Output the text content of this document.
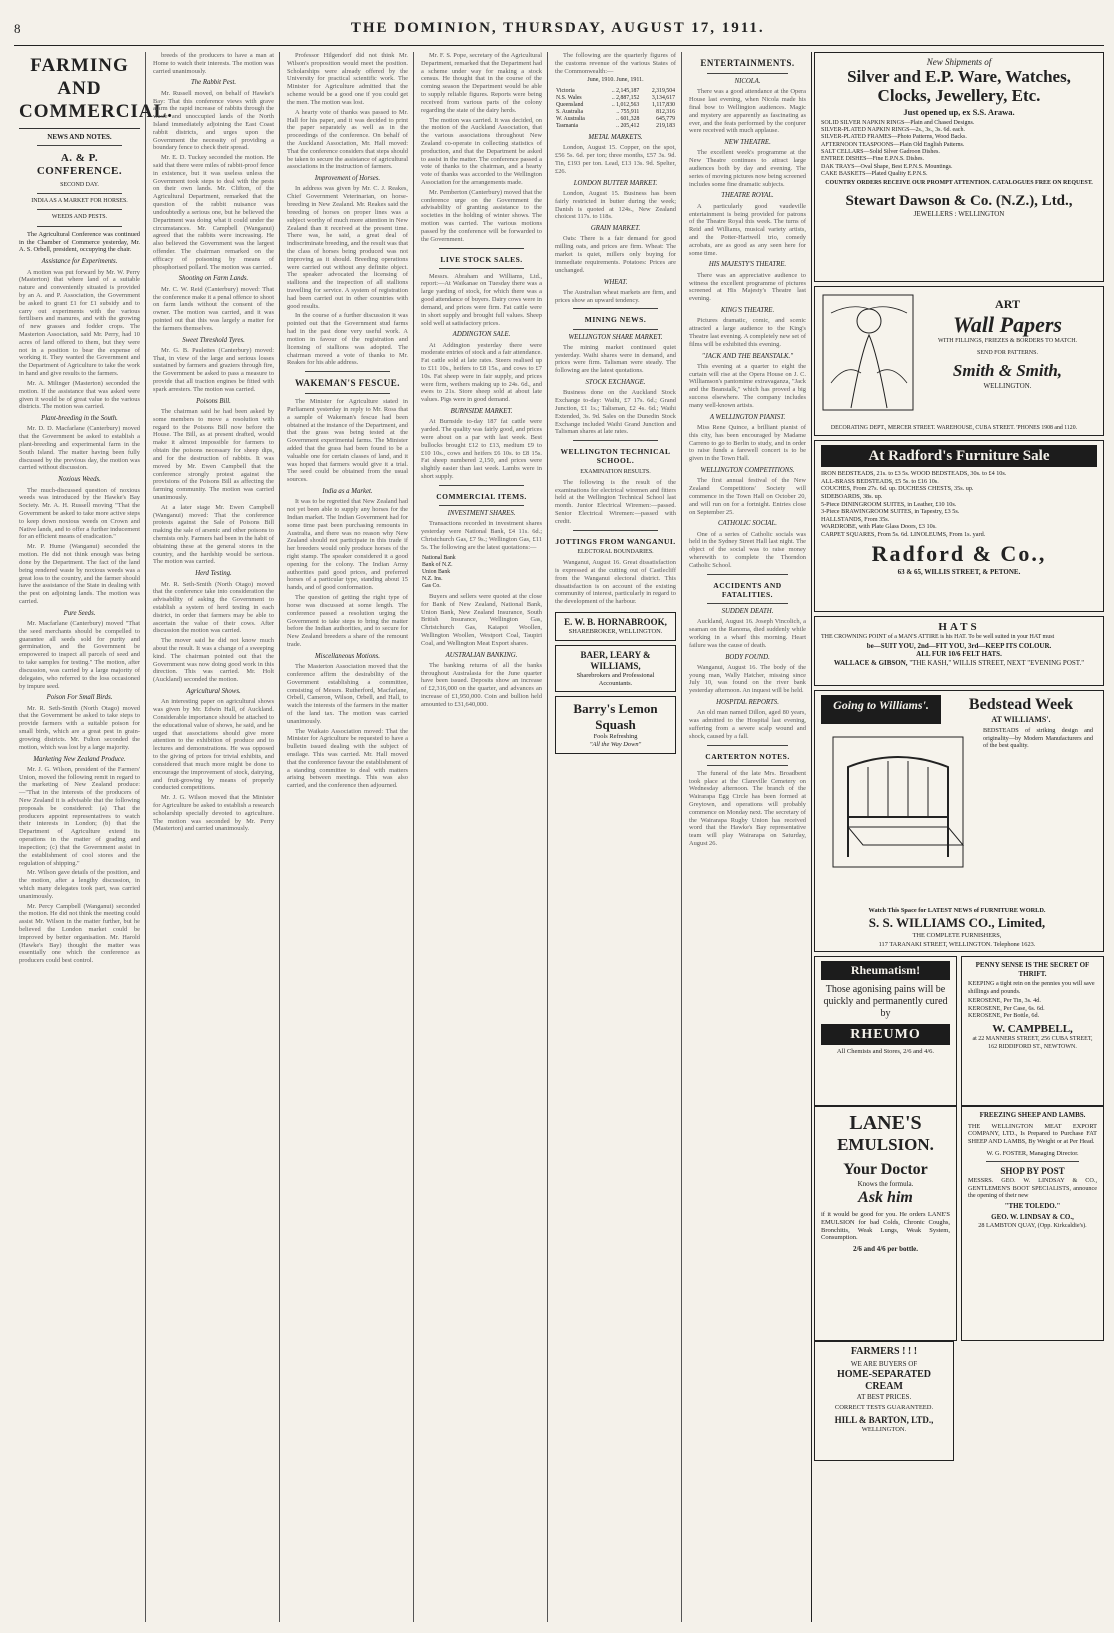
8	THE DOMINION, THURSDAY, AUGUST 17, 1911.
FARMING AND COMMERCIAL.
NEWS AND NOTES.
A. & P. CONFERENCE.
SECOND DAY.
INDIA AS A MARKET FOR HORSES.
WEEDS AND PESTS.

The Agricultural Conference was continued in the Chamber of Commerce yesterday, Mr. A. S. Orbell, president, occupying the chair.

Assistance for Experiments.

A motion was put forward by Mr. W. Perry (Masterton) that where land of a suitable nature and conveniently situated is provided by an A. and P. Association, the Government be asked to grant £1 for £1 subsidy and to carry out experiments with the various fertilisers and manures, and with the growing of new grasses and fodder crops. The Masterton Association, said Mr. Perry, had 10 acres of land offered to them, but they were not in a position to bear the expense of working it. They wanted the Government and the Department of Agriculture to take the work in hand and give results to the farmers.

Mr. A. Milinger (Masterton) seconded the motion. If the assistance that was asked were given it would be of great value to the various districts. The motion was carried.

Plant-breeding in the South.

Mr. D. D. Macfarlane (Canterbury) moved that the Government be asked to establish a plant-breeding and experimental farm in the South Island. The matter having been fully discussed by the previous day, the motion was carried without discussion.

Noxious Weeds.

The much-discussed question of noxious weeds was introduced by the Hawke's Bay Society. Mr. A. H. Russell moving "That the Government be asked to take more active steps to keep down noxious weeds on Crown and Native lands, and to offer a further inducement for an efficient means of eradication."

Mr. P. Hume (Wanganui) seconded the motion. He did not think enough was being done by the Department. The fact of the land being rendered waste by noxious weeds was a great loss to the country, and the farmer should have the assistance of the State in dealing with the pest on adjoining lands. The motion was carried.

Pure Seeds.

Mr. Macfarlane (Canterbury) moved "That the seed merchants should be compelled to guarantee all seeds sold for purity and germination, and the Government be empowered to inspect all parcels of seed and to take samples for testing." The motion, after discussion, was carried by a large majority of delegates, who referred to the loss occasioned by impure seed.

Poison For Small Birds.

Mr. R. Seth-Smith (North Otago) moved that the Government be asked to take steps to provide farmers with a suitable poison for small birds, which are a great pest in grain-growing districts. Mr. Fulton seconded the motion, which was lost by a large majority.

Marketing New Zealand Produce.

Mr. J. G. Wilson, president of the Farmers' Union, moved the following remit in regard to the marketing of New Zealand produce:—"That in the interests of the producers of New Zealand it is advisable that the following proposals be considered: (a) That the producers appoint representatives to watch their interests in London; (b) that the Department of Agriculture extend its operations in the matter of grading and inspection; (c) that the Government assist in the establishment of cool stores and the regulation of shipping."

Mr. Wilson gave details of the position, and the motion, after a lengthy discussion, in which many delegates took part, was carried unanimously.

Mr. Percy Campbell (Wanganui) seconded the motion. He did not think the meeting could assist Mr. Wilson in the matter further, but he believed the London market could be improved by better organisation. Mr. Harold (Hawke's Bay) thought the matter was essentially one which the conference as producers could best control.

breeds of the producers to have a man at Home to watch their interests. The motion was carried unanimously.

The Rabbit Pest.

Mr. Russell moved, on behalf of Hawke's Bay: That this conference views with grave alarm the rapid increase of rabbits through the waste and unoccupied lands of the North Island immediately adjoining the East Coast rabbit districts, and urges upon the Government the necessity of providing a boundary fence to check their spread.

Mr. E. D. Tuckey seconded the motion. He said that there were miles of rabbit-proof fence in existence, but it was useless unless the Government took steps to deal with the pests on their own lands. Mr. Clifton, of the Agricultural Department, remarked that the question of the rabbit nuisance was undoubtedly a serious one, but he believed the Department was doing what it could under the circumstances. Mr. Campbell (Wanganui) agreed that the rabbits were increasing. He also believed the Government was the largest offender. The chairman remarked on the efficacy of poisoning by means of phosphorised pollard. The motion was carried.

Shooting on Farm Lands.

Mr. C. W. Reid (Canterbury) moved: That the conference make it a penal offence to shoot on farm lands without the consent of the owner. The motion was carried, and it was pointed out that this was largely a matter for the farmers themselves.

Sweet Threshold Tyres.

Mr. G. B. Paulettes (Canterbury) moved: That, in view of the large and serious losses sustained by farmers and graziers through fire, the Government be asked to pass a measure to provide that all traction engines be fitted with spark arresters. The motion was carried.

Poisons Bill.

The chairman said he had been asked by some members to move a resolution with regard to the Poisons Bill now before the House. The Bill, as at present drafted, would make it almost impossible for farmers to obtain the poisons necessary for sheep dips, and for the destruction of rabbits. It was moved by Mr. Ewen Campbell that the conference strongly protest against the provisions of the Poisons Bill as affecting the farming community. The motion was carried unanimously.

At a later stage Mr. Ewen Campbell (Wanganui) moved: That the conference protests against the Sale of Poisons Bill making the sale of arsenic and other poisons to chemists only. Farmers had been in the habit of obtaining these at the general stores in the country, and the hardship would be serious. The motion was carried.

Herd Testing.

Mr. R. Seth-Smith (North Otago) moved that the conference take into consideration the advisability of asking the Government to establish a system of herd testing in each district, in order that farmers may be able to ascertain the value of their cows. After discussion the motion was carried.

The mover said he did not know much about the result. It was a change of a sweeping kind. The chairman pointed out that the Government was now doing good work in this direction. This was carried. Mr. Holt (Auckland) seconded the motion.

Agricultural Shows.

An interesting paper on agricultural shows was given by Mr. Edwin Hall, of Auckland. Considerable importance should be attached to the educational value of shows, he said, and he urged that associations should give more attention to the exhibition of produce and to lectures and demonstrations. He was opposed to the giving of prizes for trivial exhibits, and considered that much more might be done to encourage the improvement of stock, dairying, and fruit-growing by means of properly conducted competitions.

Mr. J. G. Wilson moved that the Minister for Agriculture be asked to establish a research scholarship specially devoted to agriculture. The motion was seconded by Mr. Perry (Masterton) and carried unanimously.

Professor Hilgendorf did not think Mr. Wilson's proposition would meet the position. Scholarships were already offered by the University for practical scientific work. The Minister for Agriculture admitted that the scheme would be a good one if you could get the men. The motion was lost.

A hearty vote of thanks was passed to Mr. Hall for his paper, and it was decided to print the paper separately as well as in the proceedings of the conference. On behalf of the Auckland Association, Mr. Hall moved: That the conference considers that steps should be taken to secure the assistance of agricultural associations in the instruction of farmers.

Improvement of Horses.

In address was given by Mr. C. J. Reakes, Chief Government Veterinarian, on horse-breeding in New Zealand. Mr. Reakes said the breeding of horses on proper lines was a subject worthy of much more attention in New Zealand than it received at the present time. There was, he said, a great deal of indiscriminate breeding, and the result was that the class of horses being produced was not improving as it should. Breeding operations were carried out without any definite object. The speaker advocated the licensing of stallions and the inspection of all stallions travelling for service. A system of registration had been carried out in other countries with good results.

In the course of a further discussion it was pointed out that the Government stud farms had in the past done very useful work. A motion in favour of the registration and licensing of stallions was adopted. The chairman moved a vote of thanks to Mr. Reakes for his able address.

WAKEMAN'S FESCUE.

The Minister for Agriculture stated in Parliament yesterday in reply to Mr. Ross that a sample of Wakeman's fescue had been obtained at the instance of the Department, and that the grass was being tested at the Government experimental farms. The Minister added that the grass had been found to be a valuable one for certain classes of land, and it was hoped that farmers would give it a trial. The seed could be obtained from the usual sources.

India as a Market.

It was to be regretted that New Zealand had not yet been able to supply any horses for the Indian market. The Indian Government had for some time past been purchasing remounts in Australia, and there was no reason why New Zealand should not participate in this trade if her breeders would only produce horses of the right stamp. The speaker considered it a good opening for the colony. The Indian Army authorities paid good prices, and preferred horses of a particular type, standing about 15 hands, and of good conformation.

The question of getting the right type of horse was discussed at some length. The conference passed a resolution urging the Government to take steps to bring the matter before the Indian authorities, and to secure for New Zealand breeders a share of the remount trade.

Miscellaneous Motions.

The Masterton Association moved that the conference affirm the desirability of the Government establishing a committee, consisting of Messrs. Rutherford, Macfarlane, Orbell, Cameron, Wilson, Orbell, and Hall, to watch the interests of the farmers in the matter of the land tax. The motion was carried unanimously.

The Waikato Association moved: That the Minister for Agriculture be requested to have a bulletin issued dealing with the subject of ensilage. This was carried. Mr. Hall moved that the conference favour the establishment of a standing committee to deal with matters arising between meetings. This was also carried, and the conference then adjourned.

Mr. F. S. Pope, secretary of the Agricultural Department, remarked that the Department had a scheme under way for making a stock census. He thought that in the course of the coming season the Department would be able to supply reliable figures. Reports were being received from various parts of the colony regarding the state of the dairy herds.

The motion was carried. It was decided, on the motion of the Auckland Association, that the various associations throughout New Zealand co-operate in collecting statistics of production, and that the Department be asked to assist in the matter. The conference passed a vote of thanks to the chairman, and a hearty vote of thanks was accorded to the Wellington Association for the arrangements made.

Mr. Pemberton (Canterbury) moved that the conference urge on the Government the advisability of granting assistance to the societies in the holding of winter shows. The motion was carried. The various motions passed by the conference will be forwarded to the Government.

LIVE STOCK SALES.

Messrs. Abraham and Williams, Ltd., report:—At Waikanae on Tuesday there was a large yarding of stock, for which there was a good attendance of buyers. Dairy cows were in demand, and prices were firm. Fat cattle were in short supply and brought full values. Sheep sold well at satisfactory prices.

ADDINGTON SALE.

At Addington yesterday there were moderate entries of stock and a fair attendance. Fat cattle sold at late rates. Steers realised up to £11 10s., heifers to £8 15s., and cows to £7 10s. Fat sheep were in fair supply, and prices were firm, wethers making up to 24s. 6d., and ewes to 21s. Store sheep sold at about late values. Pigs were in good demand.

BURNSIDE MARKET.

At Burnside to-day 187 fat cattle were yarded. The quality was fairly good, and prices were about on a par with last week. Best bullocks brought £12 to £13, medium £9 to £10 10s., cows and heifers £6 10s. to £8 15s. Fat sheep numbered 2,150, and prices were slightly easier than last week. Lambs were in short supply.

COMMERCIAL ITEMS.
INVESTMENT SHARES.

Transactions recorded in investment shares yesterday were National Bank, £4 11s. 6d.; Christchurch Gas, £7 9s.; Wellington Gas, £11 5s. The following are the latest quotations:—

National Bank		
Bank of N.Z.		
Union Bank		
N.Z. Ins.		
Gas Co.		

Buyers and sellers were quoted at the close for Bank of New Zealand, National Bank, Union Bank, New Zealand Insurance, South British Insurance, Wellington Gas, Christchurch Gas, Kaiapoi Woollen, Wellington Woollen, Westport Coal, Taupiri Coal, and Wellington Meat Export shares.

AUSTRALIAN BANKING.

The banking returns of all the banks throughout Australasia for the June quarter have been issued. Deposits show an increase of £2,316,000 on the quarter, and advances an increase of £1,950,000. Coin and bullion held amounted to £31,640,000.

The following are the quarterly figures of the customs revenue of the various States of the Commonwealth:—

June, 1910. June, 1911.
Victoria	.. 2,145,187	2,319,504
N.S. Wales	.. 2,887,152	3,134,617
Queensland	.. 1,012,563	1,117,830
S. Australia	.. 755,911	812,316
W. Australia	.. 601,328	645,779
Tasmania	.. 205,412	219,183
METAL MARKETS.

London, August 15. Copper, on the spot, £56 5s. 6d. per ton; three months, £57 3s. 9d. Tin, £193 per ton. Lead, £13 13s. 9d. Spelter, £26.

LONDON BUTTER MARKET.

London, August 15. Business has been fairly restricted in butter during the week; Danish is quoted at 124s., New Zealand choicest 117s. to 118s.

GRAIN MARKET.

Oats: There is a fair demand for good milling oats, and prices are firm. Wheat: The market is quiet, millers only buying for immediate requirements. Potatoes: Prices are unchanged.

WHEAT.

The Australian wheat markets are firm, and prices show an upward tendency.

MINING NEWS.
WELLINGTON SHARE MARKET.

The mining market continued quiet yesterday. Waihi shares were in demand, and prices were firm. Talisman were steady. The following are the latest quotations.

STOCK EXCHANGE.

Business done on the Auckland Stock Exchange to-day: Waihi, £7 17s. 6d.; Grand Junction, £1 1s.; Talisman, £2 4s. 6d.; Waihi Extended, 3s. 9d. Sales on the Dunedin Stock Exchange included Waihi Grand Junction and Talisman shares at late rates.

WELLINGTON TECHNICAL SCHOOL.
EXAMINATION RESULTS.

The following is the result of the examinations for electrical wiremen and fitters held at the Wellington Technical School last month. Junior Electrical Wiremen:—passed. Senior Electrical Wiremen:—passed with credit.

JOTTINGS FROM WANGANUI.
ELECTORAL BOUNDARIES.

Wanganui, August 16. Great dissatisfaction is expressed at the cutting out of Castlecliff from the Wanganui electoral district. This dissatisfaction is on account of the existing community of interest, particularly in regard to the development of the harbour.

E. W. B. HORNABROOK,
SHAREBROKER, WELLINGTON.
BAER, LEARY & WILLIAMS,
Sharebrokers and Professional Accountants.
Barry's Lemon Squash
Fools Refreshing
"All the Way Down"
ENTERTAINMENTS.
NICOLA.

There was a good attendance at the Opera House last evening, when Nicola made his final bow to Wellington audiences. Magic and mystery are apparently as fascinating as ever, and the feats performed by the conjurer were received with much applause.

NEW THEATRE.

The excellent week's programme at the New Theatre continues to attract large audiences both by day and evening. The series of moving pictures now being screened includes some fine dramatic subjects.

THEATRE ROYAL.

A particularly good vaudeville entertainment is being provided for patrons of the Theatre Royal this week. The turns of Reid and Williams, musical variety artists, and the Potter-Hartwell trio, comedy acrobats, are as good as any seen here for some time.

HIS MAJESTY'S THEATRE.

There was an appreciative audience to witness the excellent programme of pictures screened at His Majesty's Theatre last evening.

KING'S THEATRE.

Pictures dramatic, comic, and scenic attracted a large audience to the King's Theatre last evening. A completely new set of films will be exhibited this evening.

"JACK AND THE BEANSTALK."

This evening at a quarter to eight the curtain will rise at the Opera House on J. C. Williamson's pantomime extravaganza, "Jack and the Beanstalk," which has proved a big success elsewhere. The company includes many well-known artists.

A WELLINGTON PIANIST.

Miss Rene Quince, a brilliant pianist of this city, has been encouraged by Madame Carreno to go to Berlin to study, and in order to raise funds a farewell concert is to be given in the Town Hall.

WELLINGTON COMPETITIONS.

The first annual festival of the New Zealand Competitions' Society will commence in the Town Hall on October 20, and will run on for a fortnight. Entries close on September 25.

CATHOLIC SOCIAL.

One of a series of Catholic socials was held in the Sydney Street Hall last night. The object of the social was to raise money wherewith to complete the Thorndon Catholic School.

ACCIDENTS AND FATALITIES.
SUDDEN DEATH.

Auckland, August 16. Joseph Vincolich, a seaman on the Ranoma, died suddenly while working in a wharf this morning. Heart failure was the cause of death.

BODY FOUND.

Wanganui, August 16. The body of the young man, Wally Hatcher, missing since July 10, was found on the river bank yesterday afternoon. An inquest will be held.

HOSPITAL REPORTS.

An old man named Dillon, aged 80 years, was admitted to the Hospital last evening, suffering from a severe scalp wound and shock, caused by a fall.

CARTERTON NOTES.

The funeral of the late Mrs. Broadbent took place at the Clareville Cemetery on Wednesday afternoon. The branch of the Wairarapa Egg Circle has been formed at Greytown, and operations will probably commence on Monday next. The secretary of the Wairarapa Rugby Union has received word that the Hawke's Bay representative team will play Wairarapa on Saturday, August 26.

New Shipments of
Silver and E.P. Ware, Watches,
Clocks, Jewellery, Etc.
Just opened up, ex S.S. Arawa.
SOLID SILVER NAPKIN RINGS—Plain and Chased Designs.
SILVER-PLATED NAPKIN RINGS—2s., 3s., 3s. 6d. each.
SILVER-PLATED FRAMES—Photo Patterns, Wood Backs.
AFTERNOON TEASPOONS—Plain Old English Patterns.
SALT CELLARS—Solid Silver Gadroon Dishes.
ENTREE DISHES—Fine E.P.N.S. Dishes.
DAK TRAYS—Oval Shape, Best E.P.N.S. Mountings.
CAKE BASKETS—Plated Quality E.P.N.S.
COUNTRY ORDERS RECEIVE OUR PROMPT ATTENTION. CATALOGUES FREE ON REQUEST.
Stewart Dawson & Co. (N.Z.), Ltd.,
JEWELLERS : WELLINGTON
ART
Wall Papers
WITH FILLINGS, FRIEZES & BORDERS TO MATCH.
SEND FOR PATTERNS.
Smith & Smith,
WELLINGTON.
DECORATING DEPT., MERCER STREET. WAREHOUSE, CUBA STREET. 'PHONES 1908 and 1120.
At Radford's Furniture Sale
IRON BEDSTEADS, 21s. to £3 5s. WOOD BEDSTEADS, 30s. to £4 10s.
ALL-BRASS BEDSTEADS, £5 5s. to £16 10s.
COUCHES, From 27s. 6d. up. DUCHESS CHESTS, 35s. up.
SIDEBOARDS, 38s. up.
5-Piece DININGROOM SUITES, in Leather, £10 10s.
3-Piece BRAWINGROOM SUITES, in Tapestry, £3 5s.
HALLSTANDS, From 35s.
WARDROBE, with Plate Glass Doors, £3 10s.
CARPET SQUARES, From 5s. 6d. LINOLEUMS, From 1s. yard.
Radford & Co.,
63 & 65, WILLIS STREET, & PETONE.
HATS
THE CROWNING POINT of a MAN'S ATTIRE is his HAT. To be well suited in your HAT must
be—SUIT YOU, 2nd—FIT YOU, 3rd—KEEP ITS COLOUR.
ALL FUR 10/6 FELT HATS.
WALLACE & GIBSON, "THE KASH," WILLIS STREET, NEXT "EVENING POST."
Going to Williams'.	Bedstead Week
AT WILLIAMS'.
BEDSTEADS of striking design and originality—by Modern Manufacturers and of the best quality.
Watch This Space for LATEST NEWS of FURNITURE WORLD.
S. S. WILLIAMS CO., Limited,
THE COMPLETE FURNISHERS,
117 TARANAKI STREET, WELLINGTON. Telephone 1623.
Rheumatism!
Those agonising pains will be quickly and permanently cured by
RHEUMO
All Chemists and Stores, 2/6 and 4/6.
PENNY SENSE IS THE SECRET OF THRIFT.
KEEPING a tight rein on the pennies you will save shillings and pounds.
KEROSENE, Per Tin, 3s. 4d.
KEROSENE, Per Case, 6s. 6d.
KEROSENE, Per Bottle, 6d.
W. CAMPBELL,
at 22 MANNERS STREET, 256 CUBA STREET, 162 RIDDIFORD ST., NEWTOWN.
LANE'S
EMULSION.
Your Doctor
Knows the formula.
Ask him
if it would be good for you. He orders LANE'S EMULSION for bad Colds, Chronic Coughs, Bronchitis, Weak Lungs, Weak System, Consumption.
2/6 and 4/6 per bottle.
FREEZING SHEEP AND LAMBS.
THE WELLINGTON MEAT EXPORT COMPANY, LTD., Is Prepared to Purchase FAT SHEEP AND LAMBS, By Weight or at Per Head.
W. G. FOSTER, Managing Director.
SHOP BY POST
MESSRS. GEO. W. LINDSAY & CO., GENTLEMEN'S BOOT SPECIALISTS, announce the opening of their new
"THE TOLEDO."
GEO. W. LINDSAY & CO.,
28 LAMBTON QUAY, (Opp. Kirkcaldie's).
FARMERS ! ! !
WE ARE BUYERS OF
HOME-SEPARATED CREAM
AT BEST PRICES.
CORRECT TESTS GUARANTEED.
HILL & BARTON, LTD.,
WELLINGTON.
